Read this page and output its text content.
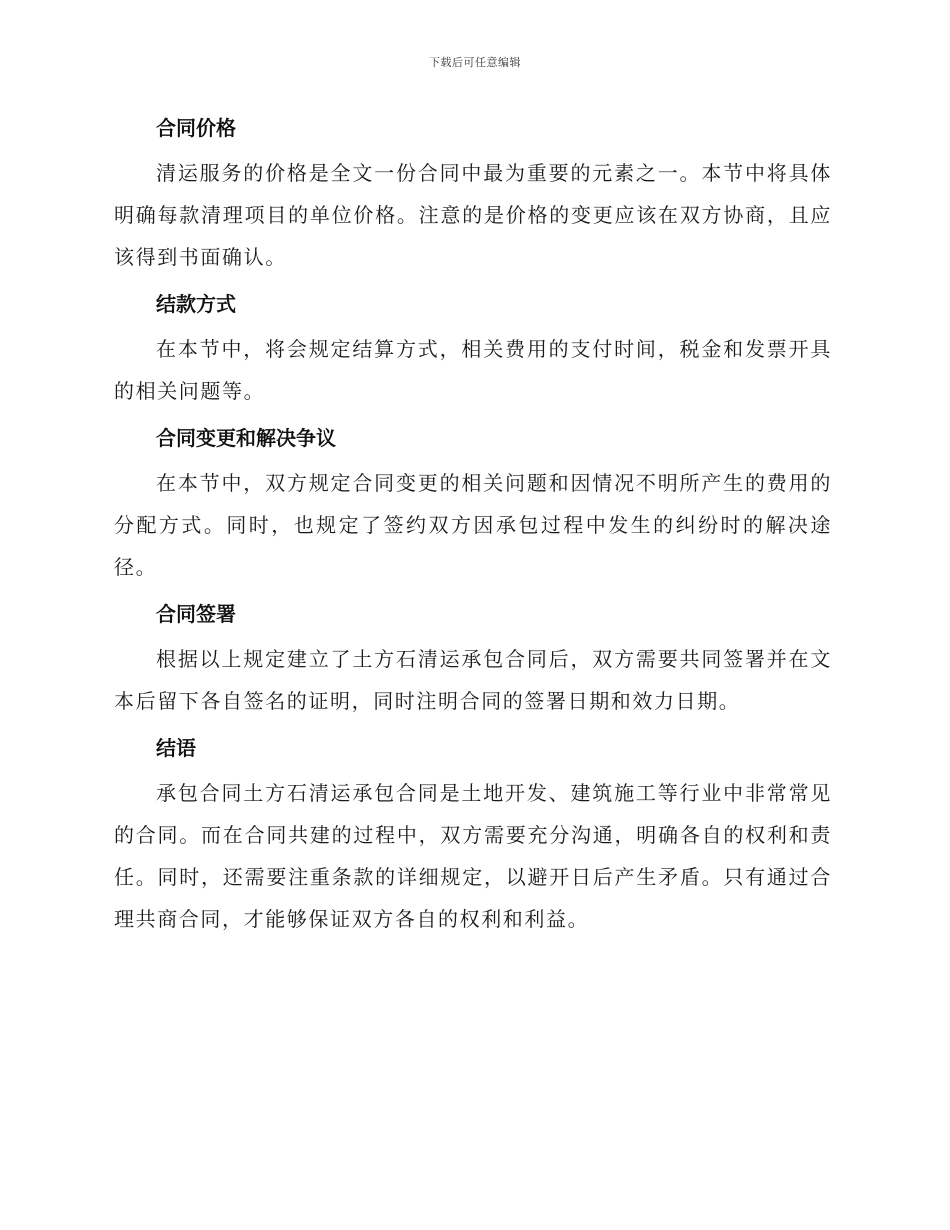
下载后可任意编辑
合同价格

清运服务的价格是全文一份合同中最为重要的元素之一。本节中将具体明确每款清理项目的单位价格。注意的是价格的变更应该在双方协商，且应该得到书面确认。

结款方式

在本节中，将会规定结算方式，相关费用的支付时间，税金和发票开具的相关问题等。

合同变更和解决争议

在本节中，双方规定合同变更的相关问题和因情况不明所产生的费用的分配方式。同时，也规定了签约双方因承包过程中发生的纠纷时的解决途径。

合同签署

根据以上规定建立了土方石清运承包合同后，双方需要共同签署并在文本后留下各自签名的证明，同时注明合同的签署日期和效力日期。

结语

承包合同土方石清运承包合同是土地开发、建筑施工等行业中非常常见的合同。而在合同共建的过程中，双方需要充分沟通，明确各自的权利和责任。同时，还需要注重条款的详细规定，以避开日后产生矛盾。只有通过合理共商合同，才能够保证双方各自的权利和利益。
